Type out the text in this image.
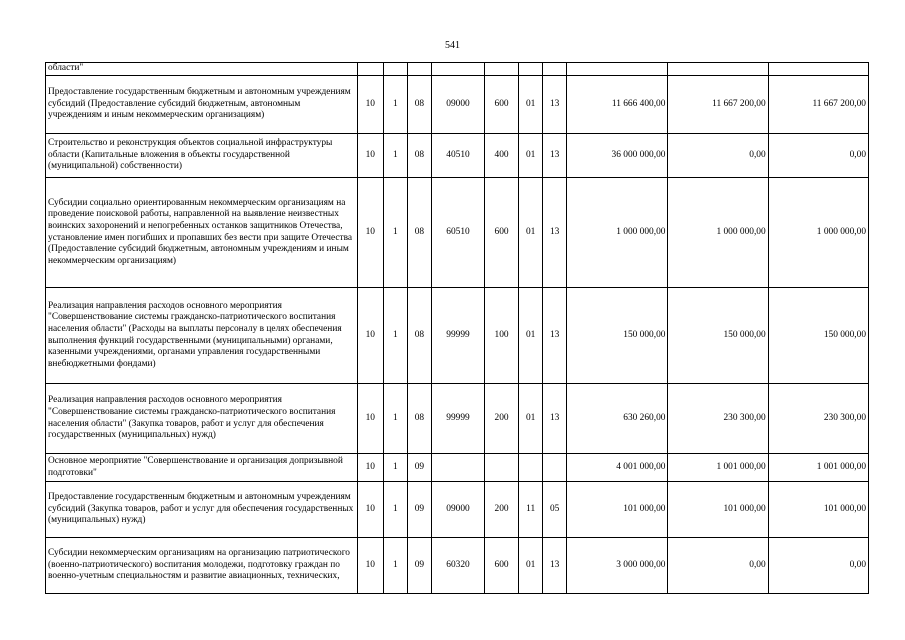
541
области"										
Предоставление государственным бюджетным и автономным учреждениям субсидий (Предоставление субсидий бюджетным, автономным учреждениям и иным некоммерческим организациям)	10	1	08	09000	600	01	13	11 666 400,00	11 667 200,00	11 667 200,00
Строительство и реконструкция объектов социальной инфраструктуры области (Капитальные вложения в объекты государственной (муниципальной) собственности)	10	1	08	40510	400	01	13	36 000 000,00	0,00	0,00
Субсидии социально ориентированным некоммерческим организациям на проведение поисковой работы, направленной на выявление неизвестных воинских захоронений и непогребенных останков защитников Отечества, установление имен погибших и пропавших без вести при защите Отечества (Предоставление субсидий бюджетным, автономным учреждениям и иным некоммерческим организациям)	10	1	08	60510	600	01	13	1 000 000,00	1 000 000,00	1 000 000,00
Реализация направления расходов основного мероприятия "Совершенствование системы гражданско-патриотического воспитания населения области" (Расходы на выплаты персоналу в целях обеспечения выполнения функций государственными (муниципальными) органами, казенными учреждениями, органами управления государственными внебюджетными фондами)	10	1	08	99999	100	01	13	150 000,00	150 000,00	150 000,00
Реализация направления расходов основного мероприятия "Совершенствование системы гражданско-патриотического воспитания населения области" (Закупка товаров, работ и услуг для обеспечения государственных (муниципальных) нужд)	10	1	08	99999	200	01	13	630 260,00	230 300,00	230 300,00
Основное мероприятие "Совершенствование и организация допризывной подготовки"	10	1	09					4 001 000,00	1 001 000,00	1 001 000,00
Предоставление государственным бюджетным и автономным учреждениям субсидий (Закупка товаров, работ и услуг для обеспечения государственных (муниципальных) нужд)	10	1	09	09000	200	11	05	101 000,00	101 000,00	101 000,00
Субсидии некоммерческим организациям на организацию патриотического (военно-патриотического) воспитания молодежи, подготовку граждан по военно-учетным специальностям и развитие авиационных, технических,	10	1	09	60320	600	01	13	3 000 000,00	0,00	0,00
